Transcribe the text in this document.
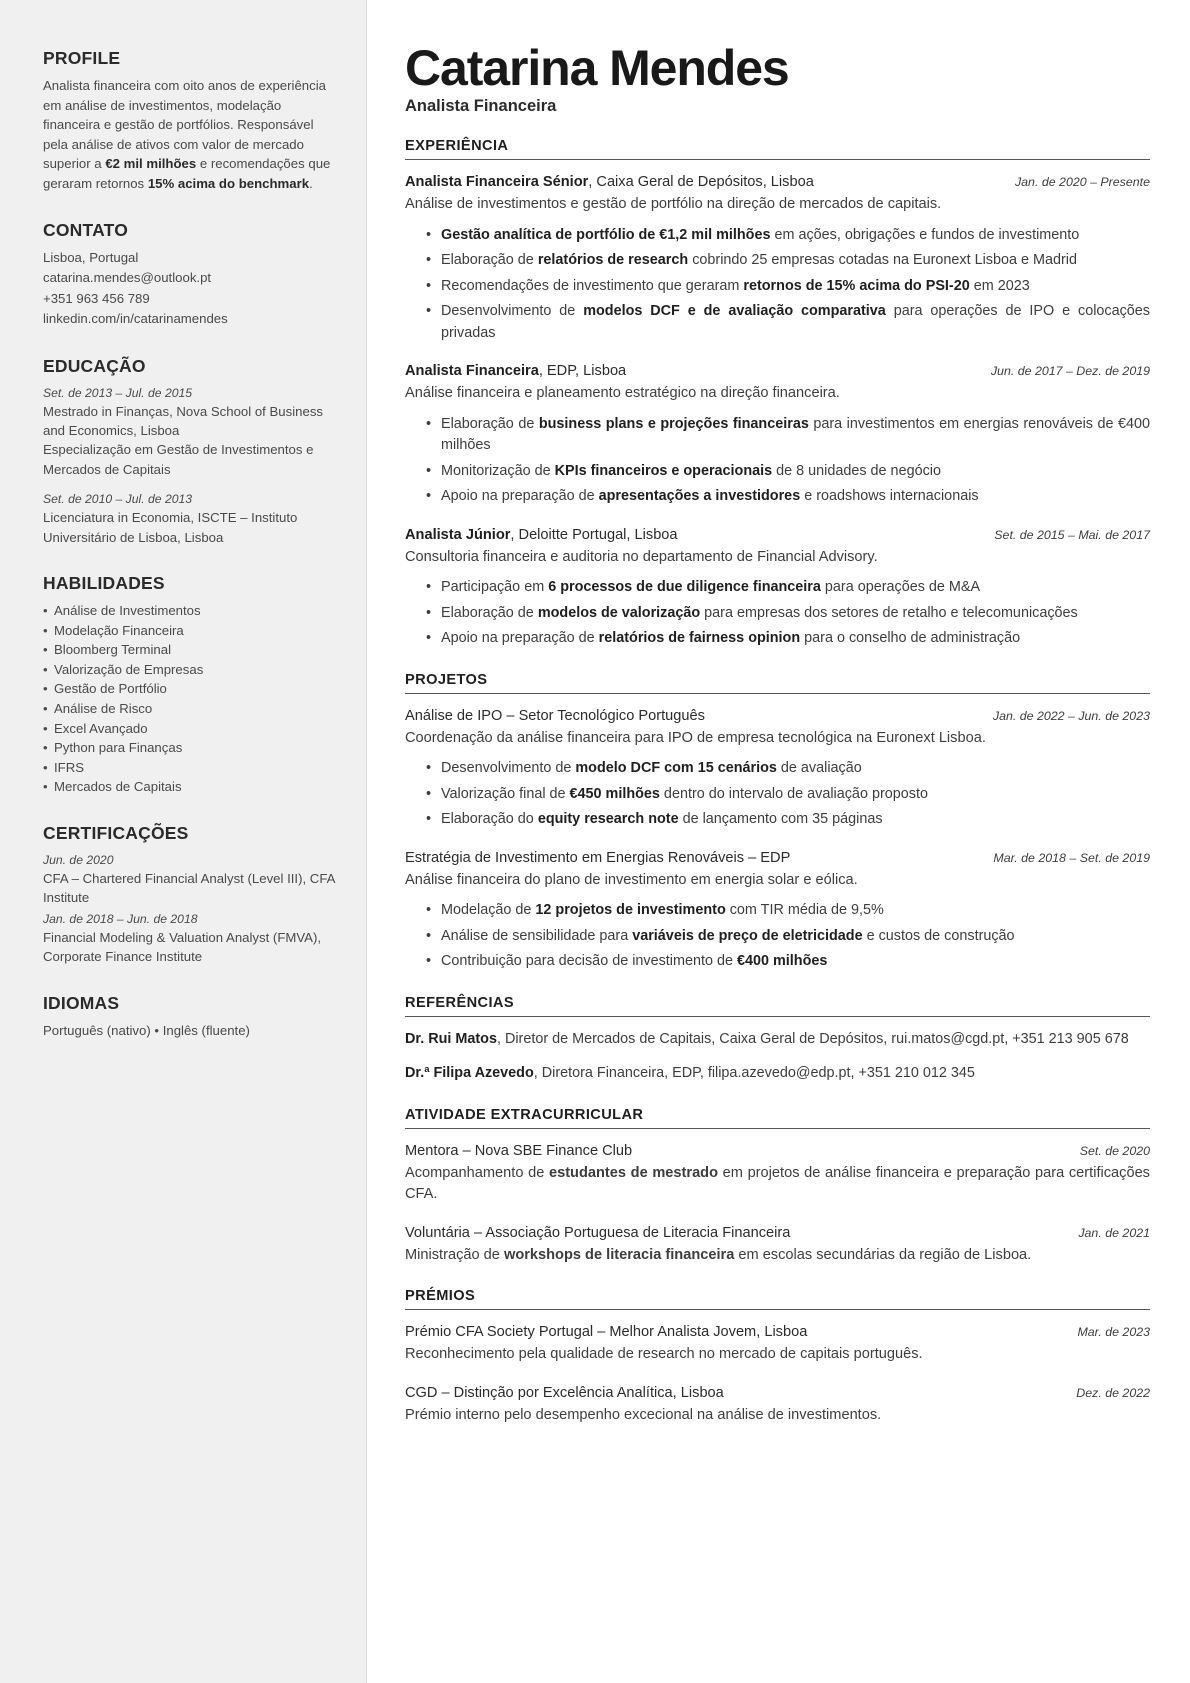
PROFILE

Analista financeira com oito anos de experiência em análise de investimentos, modelação financeira e gestão de portfólios. Responsável pela análise de ativos com valor de mercado superior a €2 mil milhões e recomendações que geraram retornos 15% acima do benchmark.

CONTATO
Lisboa, Portugal
catarina.mendes@outlook.pt
+351 963 456 789
linkedin.com/in/catarinamendes
EDUCAÇÃO
Set. de 2013 – Jul. de 2015
Mestrado in Finanças, Nova School of Business and Economics, Lisboa
Especialização em Gestão de Investimentos e Mercados de Capitais
Set. de 2010 – Jul. de 2013
Licenciatura in Economia, ISCTE – Instituto Universitário de Lisboa, Lisboa
HABILIDADES
• Análise de Investimentos
• Modelação Financeira
• Bloomberg Terminal
• Valorização de Empresas
• Gestão de Portfólio
• Análise de Risco
• Excel Avançado
• Python para Finanças
• IFRS
• Mercados de Capitais
CERTIFICAÇÕES
Jun. de 2020
CFA – Chartered Financial Analyst (Level III), CFA Institute
Jan. de 2018 – Jun. de 2018
Financial Modeling & Valuation Analyst (FMVA), Corporate Finance Institute
IDIOMAS
Português (nativo) • Inglês (fluente)
Catarina Mendes
Analista Financeira
EXPERIÊNCIA
Analista Financeira Sénior, Caixa Geral de Depósitos, Lisboa	Jan. de 2020 – Presente
Análise de investimentos e gestão de portfólio na direção de mercados de capitais.
• Gestão analítica de portfólio de €1,2 mil milhões em ações, obrigações e fundos de investimento
• Elaboração de relatórios de research cobrindo 25 empresas cotadas na Euronext Lisboa e Madrid
• Recomendações de investimento que geraram retornos de 15% acima do PSI-20 em 2023
• Desenvolvimento de modelos DCF e de avaliação comparativa para operações de IPO e colocações privadas
Analista Financeira, EDP, Lisboa	Jun. de 2017 – Dez. de 2019
Análise financeira e planeamento estratégico na direção financeira.
• Elaboração de business plans e projeções financeiras para investimentos em energias renováveis de €400 milhões
• Monitorização de KPIs financeiros e operacionais de 8 unidades de negócio
• Apoio na preparação de apresentações a investidores e roadshows internacionais
Analista Júnior, Deloitte Portugal, Lisboa	Set. de 2015 – Mai. de 2017
Consultoria financeira e auditoria no departamento de Financial Advisory.
• Participação em 6 processos de due diligence financeira para operações de M&A
• Elaboração de modelos de valorização para empresas dos setores de retalho e telecomunicações
• Apoio na preparação de relatórios de fairness opinion para o conselho de administração
PROJETOS
Análise de IPO – Setor Tecnológico Português	Jan. de 2022 – Jun. de 2023
Coordenação da análise financeira para IPO de empresa tecnológica na Euronext Lisboa.
• Desenvolvimento de modelo DCF com 15 cenários de avaliação
• Valorização final de €450 milhões dentro do intervalo de avaliação proposto
• Elaboração do equity research note de lançamento com 35 páginas
Estratégia de Investimento em Energias Renováveis – EDP	Mar. de 2018 – Set. de 2019
Análise financeira do plano de investimento em energia solar e eólica.
• Modelação de 12 projetos de investimento com TIR média de 9,5%
• Análise de sensibilidade para variáveis de preço de eletricidade e custos de construção
• Contribuição para decisão de investimento de €400 milhões
REFERÊNCIAS
Dr. Rui Matos, Diretor de Mercados de Capitais, Caixa Geral de Depósitos, rui.matos@cgd.pt, +351 213 905 678
Dr.ª Filipa Azevedo, Diretora Financeira, EDP, filipa.azevedo@edp.pt, +351 210 012 345
ATIVIDADE EXTRACURRICULAR
Mentora – Nova SBE Finance Club	Set. de 2020
Acompanhamento de estudantes de mestrado em projetos de análise financeira e preparação para certificações CFA.
Voluntária – Associação Portuguesa de Literacia Financeira	Jan. de 2021
Ministração de workshops de literacia financeira em escolas secundárias da região de Lisboa.
PRÉMIOS
Prémio CFA Society Portugal – Melhor Analista Jovem, Lisboa	Mar. de 2023
Reconhecimento pela qualidade de research no mercado de capitais português.
CGD – Distinção por Excelência Analítica, Lisboa	Dez. de 2022
Prémio interno pelo desempenho excecional na análise de investimentos.
